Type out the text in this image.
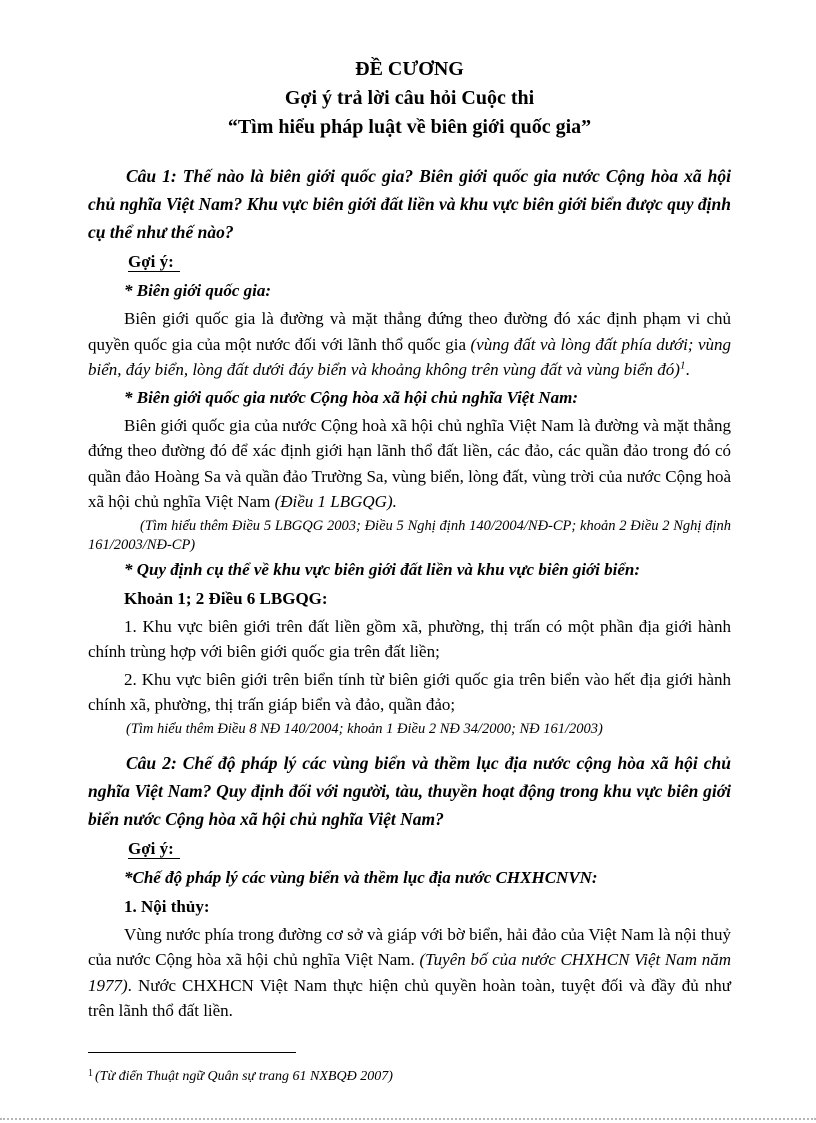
ĐỀ CƯƠNG

Gợi ý trả lời câu hỏi Cuộc thi

“Tìm hiểu pháp luật về biên giới quốc gia”

Câu 1: Thế nào là biên giới quốc gia? Biên giới quốc gia nước Cộng hòa xã hội chủ nghĩa Việt Nam? Khu vực biên giới đất liền và khu vực biên giới biển được quy định cụ thể như thế nào?

Gợi ý:

* Biên giới quốc gia:

Biên giới quốc gia là đường và mặt thẳng đứng theo đường đó xác định phạm vi chủ quyền quốc gia của một nước đối với lãnh thổ quốc gia (vùng đất và lòng đất phía dưới; vùng biển, đáy biển, lòng đất dưới đáy biển và khoảng không trên vùng đất và vùng biển đó)$^1$.

* Biên giới quốc gia nước Cộng hòa xã hội chủ nghĩa Việt Nam:

Biên giới quốc gia của nước Cộng hoà xã hội chủ nghĩa Việt Nam là đường và mặt thẳng đứng theo đường đó để xác định giới hạn lãnh thổ đất liền, các đảo, các quần đảo trong đó có quần đảo Hoàng Sa và quần đảo Trường Sa, vùng biển, lòng đất, vùng trời của nước Cộng hoà xã hội chủ nghĩa Việt Nam (Điều 1 LBGQG).

(Tìm hiểu thêm Điều 5 LBGQG 2003; Điều 5 Nghị định 140/2004/NĐ-CP; khoản 2 Điều 2 Nghị định 161/2003/NĐ-CP)

* Quy định cụ thể về khu vực biên giới đất liền và khu vực biên giới biển:

Khoản 1; 2 Điều 6 LBGQG:

1. Khu vực biên giới trên đất liền gồm xã, phường, thị trấn có một phần địa giới hành chính trùng hợp với biên giới quốc gia trên đất liền;

2. Khu vực biên giới trên biển tính từ biên giới quốc gia trên biển vào hết địa giới hành chính xã, phường, thị trấn giáp biển và đảo, quần đảo;

(Tìm hiểu thêm Điều 8 NĐ 140/2004; khoản 1 Điều 2 NĐ 34/2000; NĐ 161/2003)

Câu 2: Chế độ pháp lý các vùng biển và thềm lục địa nước cộng hòa xã hội chủ nghĩa Việt Nam? Quy định đối với người, tàu, thuyền hoạt động trong khu vực biên giới biển nước Cộng hòa xã hội chủ nghĩa Việt Nam?

Gợi ý:

*Chế độ pháp lý các vùng biển và thềm lục địa nước CHXHCNVN:

1. Nội thủy:

Vùng nước phía trong đường cơ sở và giáp với bờ biển, hải đảo của Việt Nam là nội thuỷ của nước Cộng hòa xã hội chủ nghĩa Việt Nam. (Tuyên bố của nước CHXHCN Việt Nam năm 1977). Nước CHXHCN Việt Nam thực hiện chủ quyền hoàn toàn, tuyệt đối và đầy đủ như trên lãnh thổ đất liền.

$^1$ (Từ điển Thuật ngữ Quân sự trang 61 NXBQĐ 2007)
